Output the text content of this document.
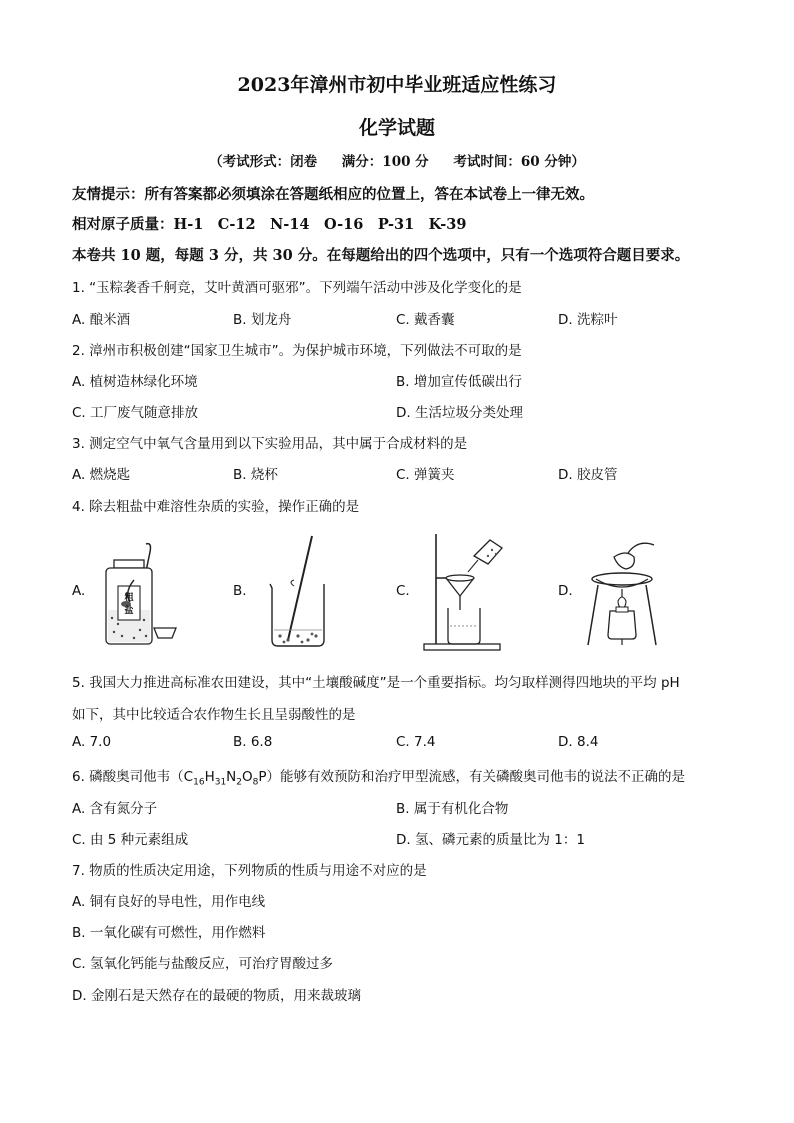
2023年漳州市初中毕业班适应性练习
化学试题
（考试形式：闭卷 满分：100 分 考试时间：60 分钟）
友情提示：所有答案都必须填涂在答题纸相应的位置上，答在本试卷上一律无效。
相对原子质量：H-1　C-12　N-14　O-16　P-31　K-39
本卷共 10 题，每题 3 分，共 30 分。在每题给出的四个选项中，只有一个选项符合题目要求。
1. “玉粽袭香千舸竞，艾叶黄酒可驱邪”。下列端午活动中涉及化学变化的是
A. 酿米酒	B. 划龙舟	C. 戴香囊	D. 洗粽叶
2. 漳州市积极创建“国家卫生城市”。为保护城市环境，下列做法不可取的是
A. 植树造林绿化环境	B. 增加宣传低碳出行
C. 工厂废气随意排放	D. 生活垃圾分类处理
3. 测定空气中氧气含量用到以下实验用品，其中属于合成材料的是
A. 燃烧匙	B. 烧杯	C. 弹簧夹	D. 胶皮管
4. 除去粗盐中难溶性杂质的实验，操作正确的是
A.	B.	C.	D.
粗
盐
5. 我国大力推进高标准农田建设，其中“土壤酸碱度”是一个重要指标。均匀取样测得四地块的平均 pH
如下，其中比较适合农作物生长且呈弱酸性的是
A. 7.0	B. 6.8	C. 7.4	D. 8.4
6. 磷酸奥司他韦$(C_{16}H_{31}N_2O_8P)$能够有效预防和治疗甲型流感，有关磷酸奥司他韦的说法不正确的是
A. 含有氮分子	B. 属于有机化合物
C. 由 5 种元素组成	D. 氢、磷元素的质量比为 1：1
7. 物质的性质决定用途，下列物质的性质与用途不对应的是
A. 铜有良好的导电性，用作电线
B. 一氧化碳有可燃性，用作燃料
C. 氢氧化钙能与盐酸反应，可治疗胃酸过多
D. 金刚石是天然存在的最硬的物质，用来裁玻璃
